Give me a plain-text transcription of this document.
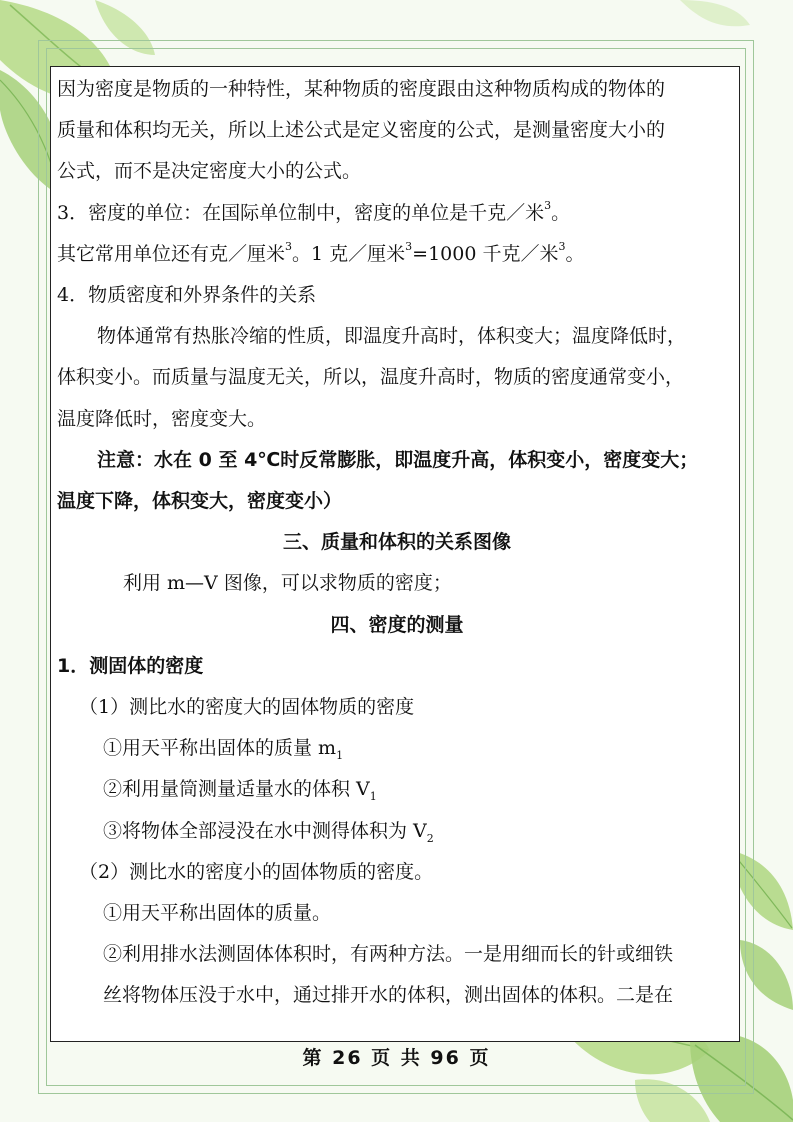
因为密度是物质的一种特性，某种物质的密度跟由这种物质构成的物体的

质量和体积均无关，所以上述公式是定义密度的公式，是测量密度大小的

公式，而不是决定密度大小的公式。

3．密度的单位：在国际单位制中，密度的单位是千克／米$^3$。

其它常用单位还有克／厘米$^3$。1 克／厘米$^3$=1000 千克／米$^3$。

4．物质密度和外界条件的关系

物体通常有热胀冷缩的性质，即温度升高时，体积变大；温度降低时，

体积变小。而质量与温度无关，所以，温度升高时，物质的密度通常变小，

温度降低时，密度变大。

注意：水在 0 至 4℃时反常膨胀，即温度升高，体积变小，密度变大；

温度下降，体积变大，密度变小）

三、质量和体积的关系图像

利用 m—V 图像，可以求物质的密度；

四、密度的测量

1．测固体的密度

（1）测比水的密度大的固体物质的密度

①用天平称出固体的质量 $m_1$

②利用量筒测量适量水的体积 $V_1$

③将物体全部浸没在水中测得体积为 $V_2$

（2）测比水的密度小的固体物质的密度。

①用天平称出固体的质量。

②利用排水法测固体体积时，有两种方法。一是用细而长的针或细铁

丝将物体压没于水中，通过排开水的体积，测出固体的体积。二是在

第 26 页 共 96 页
